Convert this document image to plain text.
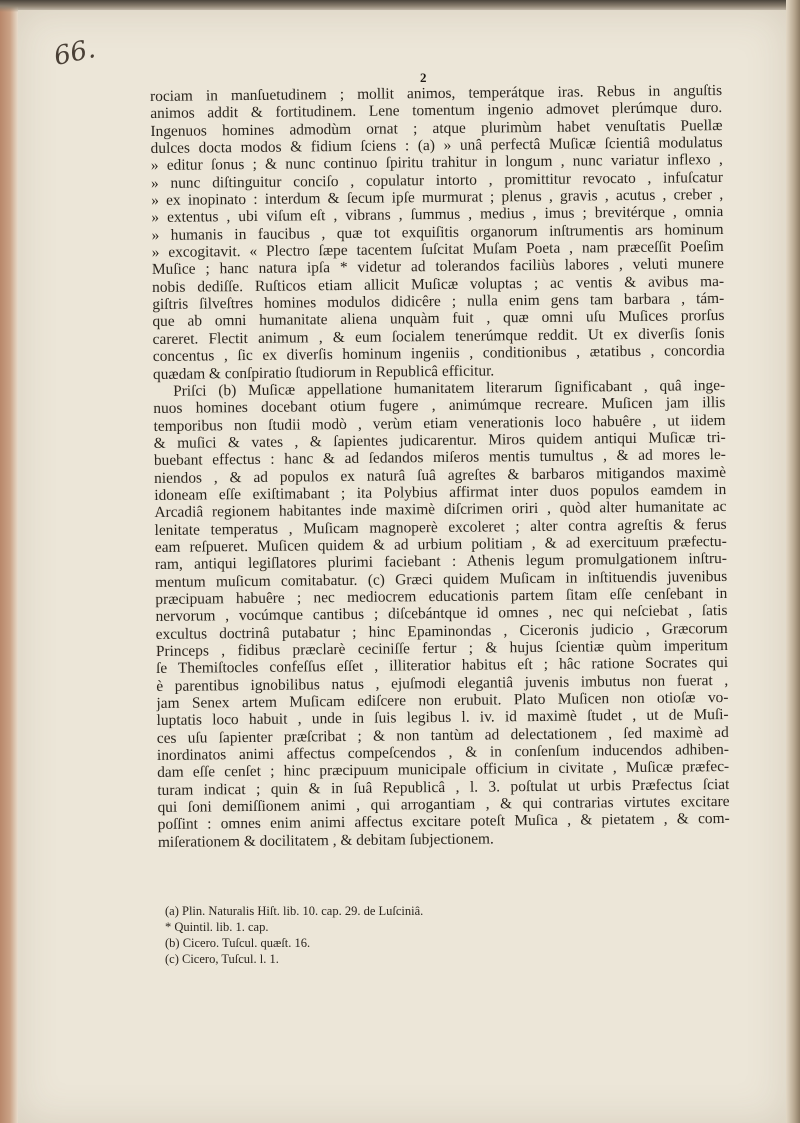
66.
2
rociam in manſuetudinem ; mollit animos, temperátque iras. Rebus in anguſtis
animos addit & fortitudinem. Lene tomentum ingenio admovet plerúmque duro.
Ingenuos homines admodùm ornat ; atque plurimùm habet venuſtatis Puellæ
dulces docta modos & fidium ſciens : (a) » unâ perfectâ Muſicæ ſcientiâ modulatus
» editur ſonus ; & nunc continuo ſpiritu trahitur in longum , nunc variatur inflexo ,
» nunc diſtinguitur conciſo , copulatur intorto , promittitur revocato , infuſcatur
» ex inopinato : interdum & ſecum ipſe murmurat ; plenus , gravis , acutus , creber ,
» extentus , ubi viſum eſt , vibrans , ſummus , medius , imus ; brevitérque , omnia
» humanis in faucibus , quæ tot exquiſitis organorum inſtrumentis ars hominum
» excogitavit. « Plectro ſæpe tacentem ſuſcitat Muſam Poeta , nam præceſſit Poeſim
Muſice ; hanc natura ipſa * videtur ad tolerandos faciliùs labores , veluti munere
nobis dediſſe. Ruſticos etiam allicit Muſicæ voluptas ; ac ventis & avibus ma-
giſtris ſilveſtres homines modulos didicêre ; nulla enim gens tam barbara , tám-
que ab omni humanitate aliena unquàm fuit , quæ omni uſu Muſices prorſus
careret. Flectit animum , & eum ſocialem tenerúmque reddit. Ut ex diverſis ſonis
concentus , ſic ex diverſis hominum ingeniis , conditionibus , ætatibus , concordia
quædam & conſpiratio ſtudiorum in Republicâ efficitur.
Priſci (b) Muſicæ appellatione humanitatem literarum ſignificabant , quâ inge-
nuos homines docebant otium fugere , animúmque recreare. Muſicen jam illis
temporibus non ſtudii modò , verùm etiam venerationis loco habuêre , ut iidem
& muſici & vates , & ſapientes judicarentur. Miros quidem antiqui Muſicæ tri-
buebant effectus : hanc & ad ſedandos miſeros mentis tumultus , & ad mores le-
niendos , & ad populos ex naturâ ſuâ agreſtes & barbaros mitigandos maximè
idoneam eſſe exiſtimabant ; ita Polybius affirmat inter duos populos eamdem in
Arcadiâ regionem habitantes inde maximè diſcrimen oriri , quòd alter humanitate ac
lenitate temperatus , Muſicam magnoperè excoleret ; alter contra agreſtis & ferus
eam reſpueret. Muſicen quidem & ad urbium politiam , & ad exercituum præfectu-
ram, antiqui legiſlatores plurimi faciebant : Athenis legum promulgationem inſtru-
mentum muſicum comitabatur. (c) Græci quidem Muſicam in inſtituendis juvenibus
præcipuam habuêre ; nec mediocrem educationis partem ſitam eſſe cenſebant in
nervorum , vocúmque cantibus ; diſcebántque id omnes , nec qui neſciebat , ſatis
excultus doctrinâ putabatur ; hinc Epaminondas , Ciceronis judicio , Græcorum
Princeps , fidibus præclarè ceciniſſe fertur ; & hujus ſcientiæ quùm imperitum
ſe Themiſtocles confeſſus eſſet , illiteratior habitus eſt ; hâc ratione Socrates qui
è parentibus ignobilibus natus , ejuſmodi elegantiâ juvenis imbutus non fuerat ,
jam Senex artem Muſicam ediſcere non erubuit. Plato Muſicen non otioſæ vo-
luptatis loco habuit , unde in ſuis legibus l. iv. id maximè ſtudet , ut de Muſi-
ces uſu ſapienter præſcribat ; & non tantùm ad delectationem , ſed maximè ad
inordinatos animi affectus compeſcendos , & in conſenſum inducendos adhiben-
dam eſſe cenſet ; hinc præcipuum municipale officium in civitate , Muſicæ præfec-
turam indicat ; quin & in ſuâ Republicâ , l. 3. poſtulat ut urbis Præfectus ſciat
qui ſoni demiſſionem animi , qui arrogantiam , & qui contrarias virtutes excitare
poſſint : omnes enim animi affectus excitare poteſt Muſica , & pietatem , & com-
miſerationem & docilitatem , & debitam ſubjectionem.
(a) Plin. Naturalis Hiſt. lib. 10. cap. 29. de Luſciniâ.
* Quintil. lib. 1. cap.
(b) Cicero. Tuſcul. quæſt. 16.
(c) Cicero, Tuſcul. l. 1.
